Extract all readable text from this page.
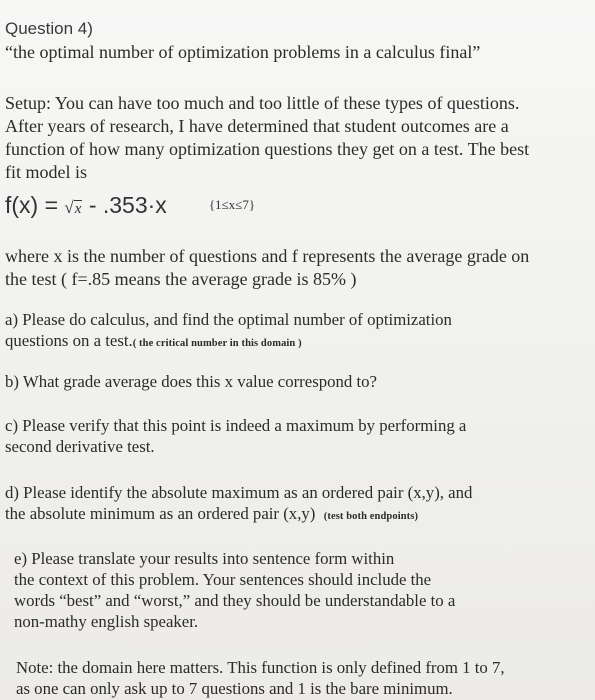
Question 4)
“the optimal number of optimization problems in a calculus final”
Setup: You can have too much and too little of these types of questions.
After years of research, I have determined that student outcomes are a
function of how many optimization questions they get on a test. The best
fit model is
f(x) = √x - .353·x	{1≤x≤7}
where x is the number of questions and f represents the average grade on
the test ( f=.85 means the average grade is 85% )
a) Please do calculus, and find the optimal number of optimization
questions on a test.( the critical number in this domain )
b) What grade average does this x value correspond to?
c) Please verify that this point is indeed a maximum by performing a
second derivative test.
d) Please identify the absolute maximum as an ordered pair (x,y), and
the absolute minimum as an ordered pair (x,y) (test both endpoints)
e) Please translate your results into sentence form within
the context of this problem. Your sentences should include the
words “best” and “worst,” and they should be understandable to a
non-mathy english speaker.
Note: the domain here matters. This function is only defined from 1 to 7,
as one can only ask up to 7 questions and 1 is the bare minimum.
